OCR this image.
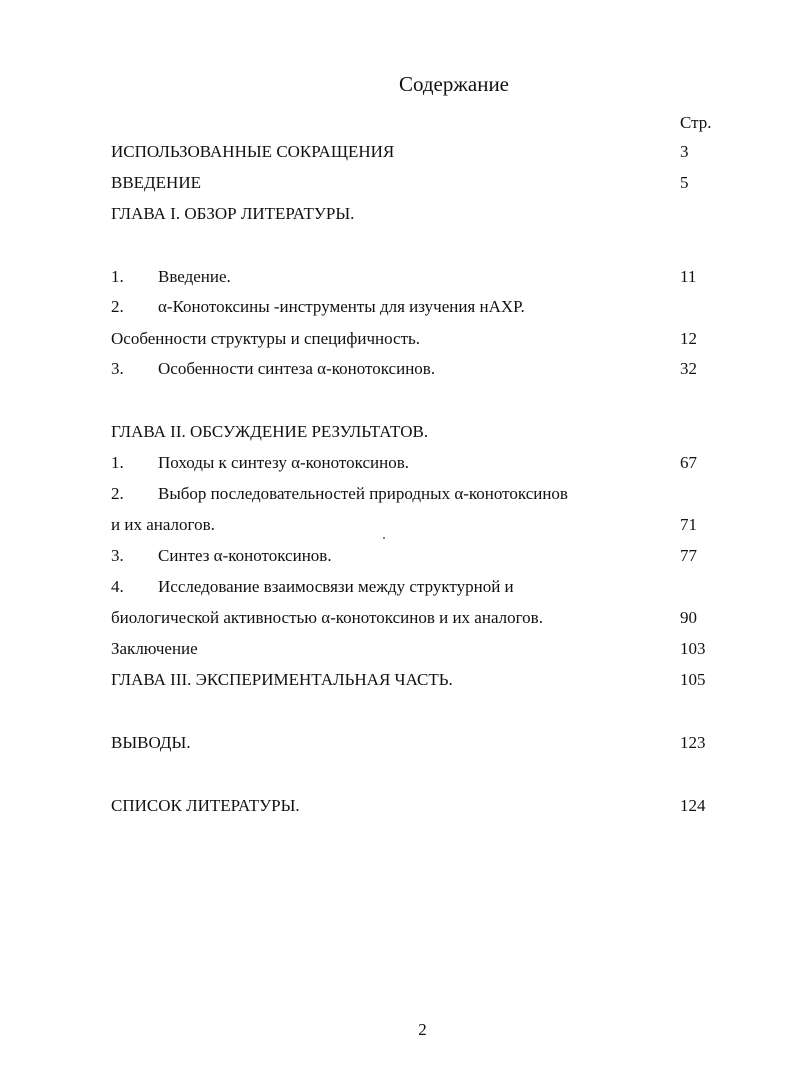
Содержание
Стр.
ИСПОЛЬЗОВАННЫЕ СОКРАЩЕНИЯ	3
ВВЕДЕНИЕ	5
ГЛАВА I. ОБЗОР ЛИТЕРАТУРЫ.
1. Введение.	11
2. α-Конотоксины -инструменты для изучения нАХР.
Особенности структуры и специфичность.	12
3. Особенности синтеза α-конотоксинов.	32
ГЛАВА II. ОБСУЖДЕНИЕ РЕЗУЛЬТАТОВ.
1. Походы к синтезу α-конотоксинов.	67
2. Выбор последовательностей природных α-конотоксинов
и их аналогов.	71
3. Синтез α-конотоксинов.	77
4. Исследование взаимосвязи между структурной и
биологической активностью α-конотоксинов и их аналогов.	90
Заключение	103
ГЛАВА III. ЭКСПЕРИМЕНТАЛЬНАЯ ЧАСТЬ.	105
ВЫВОДЫ.	123
СПИСОК ЛИТЕРАТУРЫ.	124
2
